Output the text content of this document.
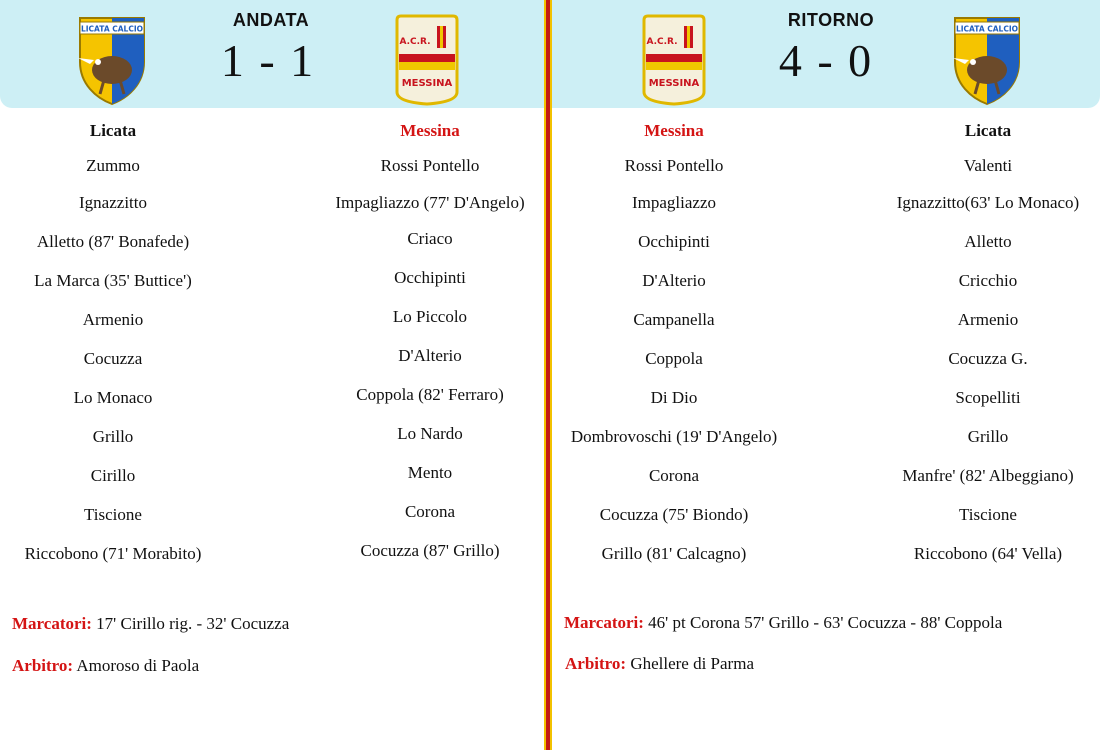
LICATA CALCIO	ANDATA
1 - 1	A.C.R.
MESSINA
Licata
Zummo
Ignazzitto
Alletto (87' Bonafede)
La Marca (35' Buttice')
Armenio
Cocuzza
Lo Monaco
Grillo
Cirillo
Tiscione
Riccobono (71' Morabito)
Messina
Rossi Pontello
Impagliazzo (77' D'Angelo)
Criaco
Occhipinti
Lo Piccolo
D'Alterio
Coppola (82' Ferraro)
Lo Nardo
Mento
Corona
Cocuzza (87' Grillo)
Marcatori: 17' Cirillo rig. - 32' Cocuzza
Arbitro: Amoroso di Paola
A.C.R.
MESSINA
RITORNO
4 - 0
LICATA CALCIO
Messina
Rossi Pontello
Impagliazzo
Occhipinti
D'Alterio
Campanella
Coppola
Di Dio
Dombrovoschi (19' D'Angelo)
Corona
Cocuzza (75' Biondo)
Grillo (81' Calcagno)
Licata
Valenti
Ignazzitto(63' Lo Monaco)
Alletto
Cricchio
Armenio
Cocuzza G.
Scopelliti
Grillo
Manfre' (82' Albeggiano)
Tiscione
Riccobono (64' Vella)
Marcatori: 46' pt Corona 57' Grillo - 63' Cocuzza - 88' Coppola
Arbitro: Ghellere di Parma
